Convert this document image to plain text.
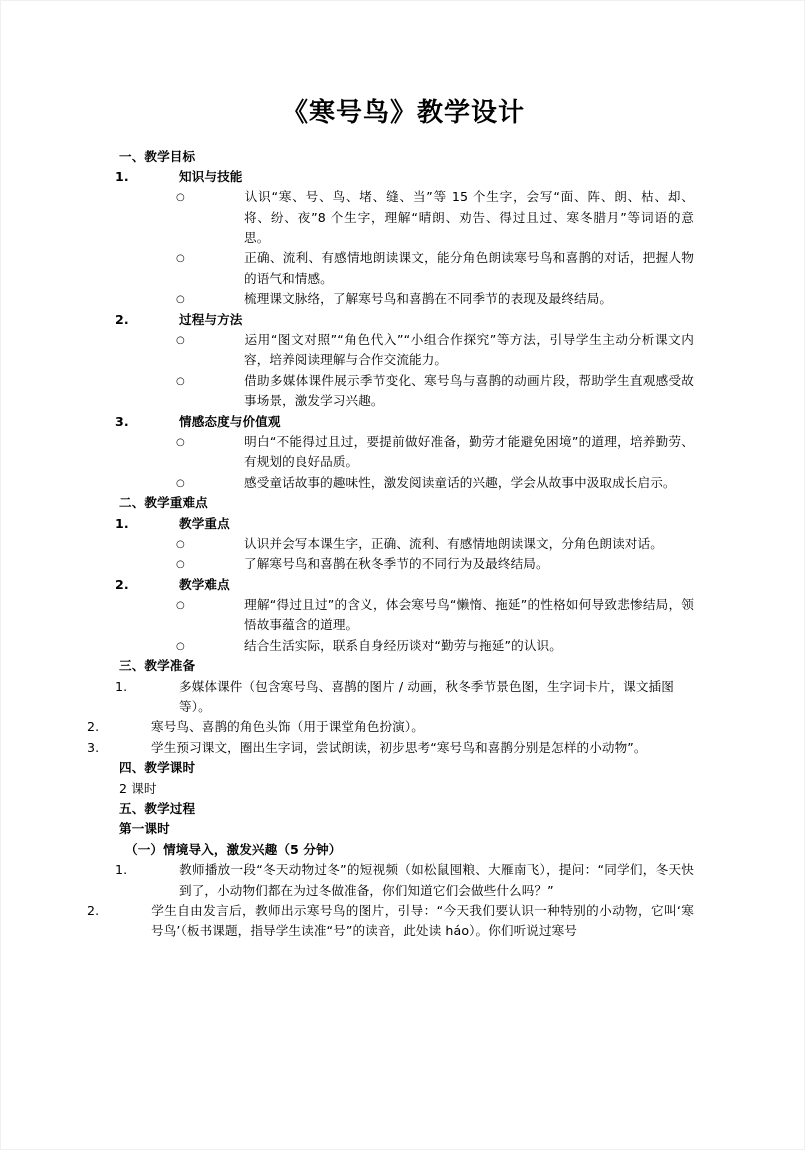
《寒号鸟》教学设计

一、教学目标

1.	知识与技能

○	认识“寒、号、鸟、堵、缝、当”等 15 个生字，会写“面、阵、朗、枯、却、将、纷、夜”8 个生字，理解“晴朗、劝告、得过且过、寒冬腊月”等词语的意思。

○	正确、流利、有感情地朗读课文，能分角色朗读寒号鸟和喜鹊的对话，把握人物的语气和情感。

○	梳理课文脉络，了解寒号鸟和喜鹊在不同季节的表现及最终结局。

2.	过程与方法

○	运用“图文对照”“角色代入”“小组合作探究”等方法，引导学生主动分析课文内容，培养阅读理解与合作交流能力。

○	借助多媒体课件展示季节变化、寒号鸟与喜鹊的动画片段，帮助学生直观感受故事场景，激发学习兴趣。

3.	情感态度与价值观

○	明白“不能得过且过，要提前做好准备，勤劳才能避免困境”的道理，培养勤劳、有规划的良好品质。

○	感受童话故事的趣味性，激发阅读童话的兴趣，学会从故事中汲取成长启示。

二、教学重难点

1.	教学重点

○	认识并会写本课生字，正确、流利、有感情地朗读课文，分角色朗读对话。

○	了解寒号鸟和喜鹊在秋冬季节的不同行为及最终结局。

2.	教学难点

○	理解“得过且过”的含义，体会寒号鸟“懒惰、拖延”的性格如何导致悲惨结局，领悟故事蕴含的道理。

○	结合生活实际，联系自身经历谈对“勤劳与拖延”的认识。

三、教学准备

1.	多媒体课件（包含寒号鸟、喜鹊的图片 / 动画，秋冬季节景色图，生字词卡片，课文插图等）。

2.	寒号鸟、喜鹊的角色头饰（用于课堂角色扮演）。

3.	学生预习课文，圈出生字词，尝试朗读，初步思考“寒号鸟和喜鹊分别是怎样的小动物”。

四、教学课时

2 课时

五、教学过程

第一课时

（一）情境导入，激发兴趣（5 分钟）

1.	教师播放一段“冬天动物过冬”的短视频（如松鼠囤粮、大雁南飞），提问：“同学们，冬天快到了，小动物们都在为过冬做准备，你们知道它们会做些什么吗？”

2.	学生自由发言后，教师出示寒号鸟的图片，引导：“今天我们要认识一种特别的小动物，它叫‘寒号鸟’（板书课题，指导学生读准“号”的读音，此处读 háo）。你们听说过寒号
